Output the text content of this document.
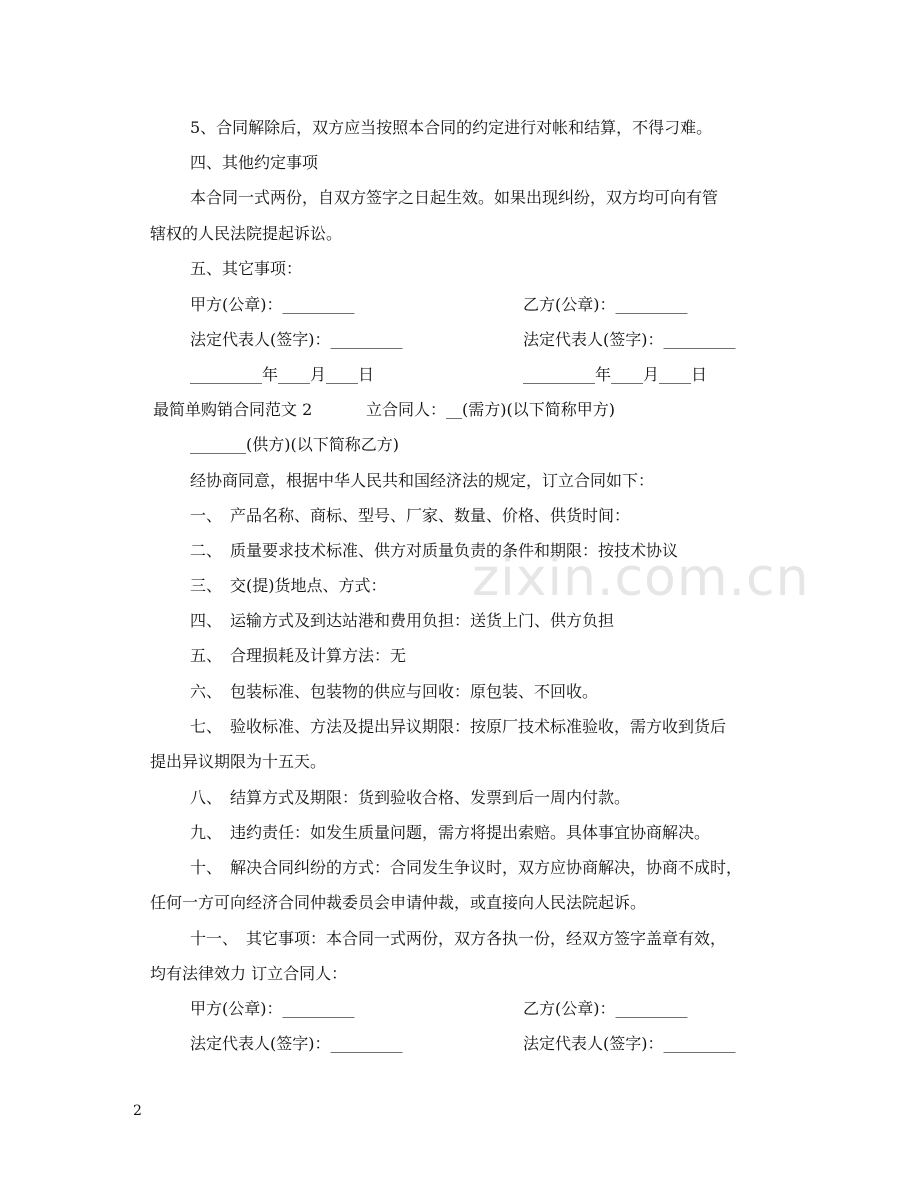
zixin.com.cn
5、合同解除后，双方应当按照本合同的约定进行对帐和结算，不得刁难。
四、其他约定事项
本合同一式两份，自双方签字之日起生效。如果出现纠纷，双方均可向有管
辖权的人民法院提起诉讼。
五、其它事项：
甲方(公章)：_________	乙方(公章)：_________
法定代表人(签字)：_________	法定代表人(签字)：_________
_________年____月____日	_________年____月____日
最简单购销合同范文 2	立合同人：__(需方)(以下简称甲方)
_______(供方)(以下简称乙方)
经协商同意，根据中华人民共和国经济法的规定，订立合同如下：
一、　产品名称、商标、型号、厂家、数量、价格、供货时间：
二、　质量要求技术标准、供方对质量负责的条件和期限：按技术协议
三、　交(提)货地点、方式：
四、　运输方式及到达站港和费用负担：送货上门、供方负担
五、　合理损耗及计算方法：无
六、　包装标准、包装物的供应与回收：原包装、不回收。
七、　验收标准、方法及提出异议期限：按原厂技术标准验收，需方收到货后
提出异议期限为十五天。
八、　结算方式及期限：货到验收合格、发票到后一周内付款。
九、　违约责任：如发生质量问题，需方将提出索赔。具体事宜协商解决。
十、　解决合同纠纷的方式：合同发生争议时，双方应协商解决，协商不成时，
任何一方可向经济合同仲裁委员会申请仲裁，或直接向人民法院起诉。
十一、　其它事项：本合同一式两份，双方各执一份，经双方签字盖章有效，
均有法律效力 订立合同人：
甲方(公章)：_________	乙方(公章)：_________
法定代表人(签字)：_________	法定代表人(签字)：_________
2
